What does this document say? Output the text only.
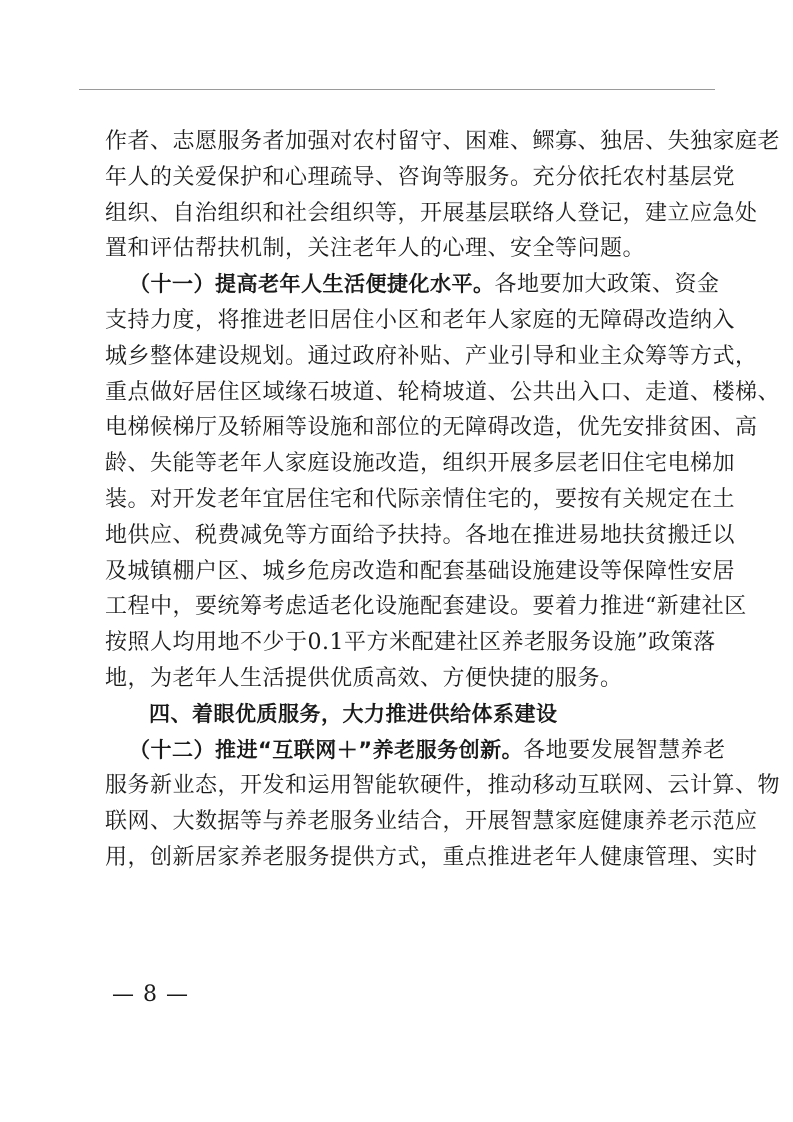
作者、志愿服务者加强对农村留守、困难、鳏寡、独居、失独家庭老
年人的关爱保护和心理疏导、咨询等服务。充分依托农村基层党
组织、自治组织和社会组织等，开展基层联络人登记，建立应急处
置和评估帮扶机制，关注老年人的心理、安全等问题。
（十一）提高老年人生活便捷化水平。各地要加大政策、资金
支持力度，将推进老旧居住小区和老年人家庭的无障碍改造纳入
城乡整体建设规划。通过政府补贴、产业引导和业主众筹等方式，
重点做好居住区域缘石坡道、轮椅坡道、公共出入口、走道、楼梯、
电梯候梯厅及轿厢等设施和部位的无障碍改造，优先安排贫困、高
龄、失能等老年人家庭设施改造，组织开展多层老旧住宅电梯加
装。对开发老年宜居住宅和代际亲情住宅的，要按有关规定在土
地供应、税费减免等方面给予扶持。各地在推进易地扶贫搬迁以
及城镇棚户区、城乡危房改造和配套基础设施建设等保障性安居
工程中，要统筹考虑适老化设施配套建设。要着力推进“新建社区
按照人均用地不少于0.1平方米配建社区养老服务设施”政策落
地，为老年人生活提供优质高效、方便快捷的服务。
四、着眼优质服务，大力推进供给体系建设
（十二）推进“互联网＋”养老服务创新。各地要发展智慧养老
服务新业态，开发和运用智能软硬件，推动移动互联网、云计算、物
联网、大数据等与养老服务业结合，开展智慧家庭健康养老示范应
用，创新居家养老服务提供方式，重点推进老年人健康管理、实时
— 8 —
